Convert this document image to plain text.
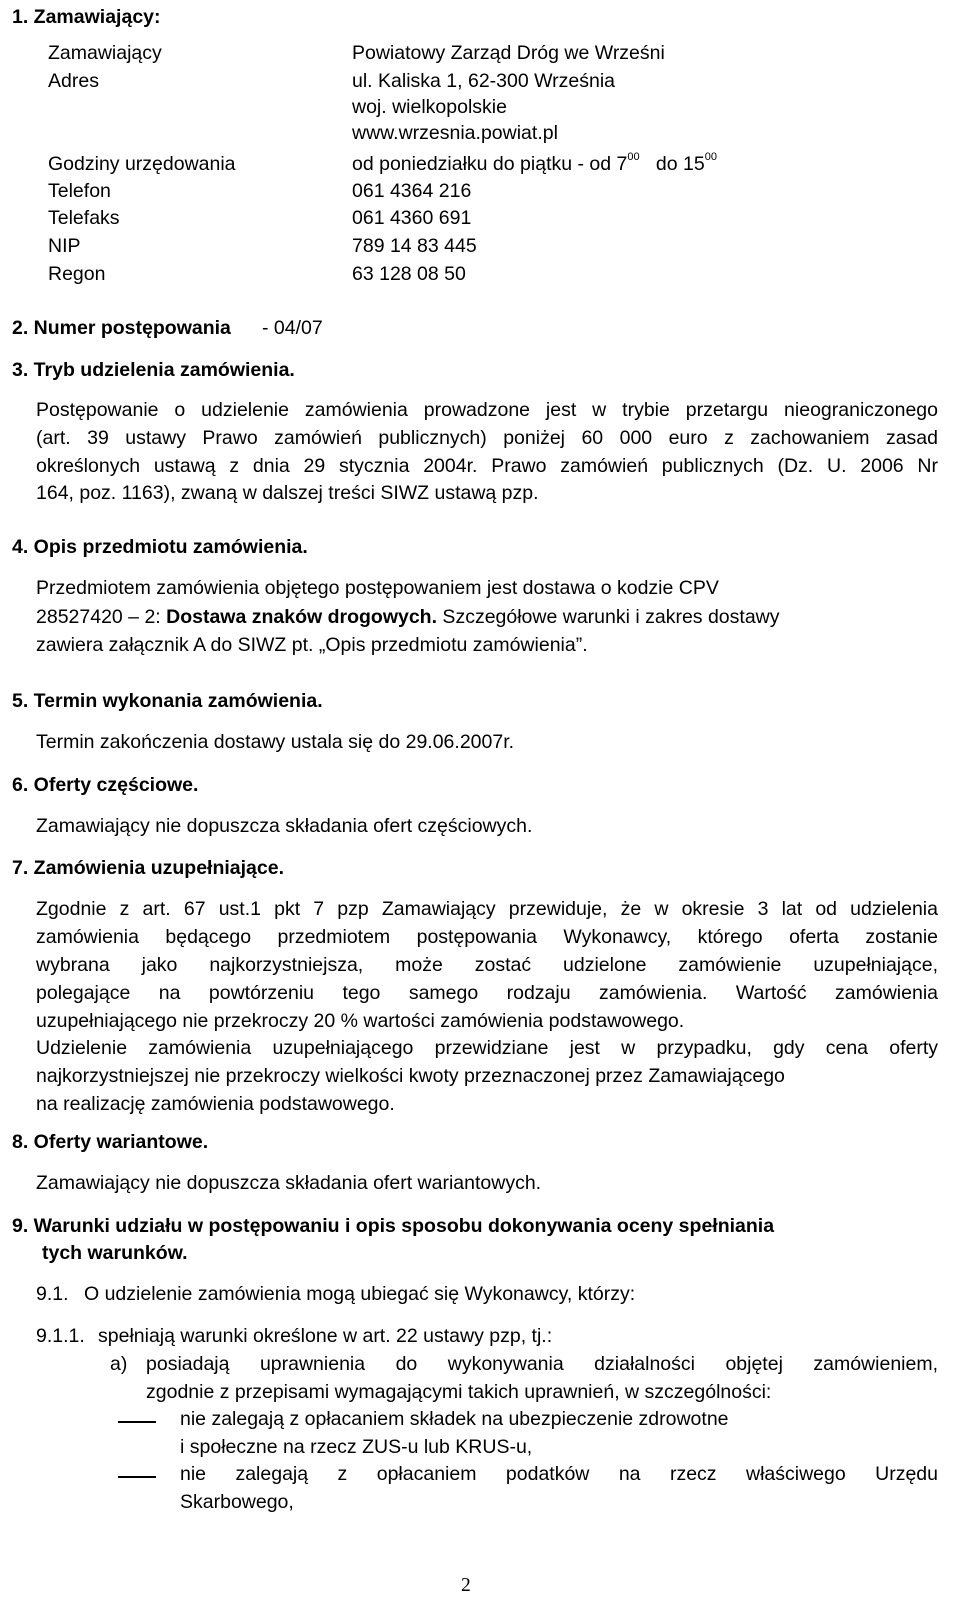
1. Zamawiający:
Zamawiający	Powiatowy Zarząd Dróg we Wrześni
Adres	ul. Kaliska 1, 62-300 Września
woj. wielkopolskie
www.wrzesnia.powiat.pl
Godziny urzędowania	od poniedziałku do piątku - od $7^{00}$ do $15^{00}$
Telefon	061 4364 216
Telefaks	061 4360 691
NIP	789 14 83 445
Regon	63 128 08 50
2. Numer postępowania - 04/07
3. Tryb udzielenia zamówienia.
Postępowanie o udzielenie zamówienia prowadzone jest w trybie przetargu nieograniczonego
(art. 39 ustawy Prawo zamówień publicznych) poniżej 60 000 euro z zachowaniem zasad
określonych ustawą z dnia 29 stycznia 2004r. Prawo zamówień publicznych (Dz. U. 2006 Nr
164, poz. 1163), zwaną w dalszej treści SIWZ ustawą pzp.
4. Opis przedmiotu zamówienia.
Przedmiotem zamówienia objętego postępowaniem jest dostawa o kodzie CPV
28527420 – 2: Dostawa znaków drogowych. Szczegółowe warunki i zakres dostawy
zawiera załącznik A do SIWZ pt. „Opis przedmiotu zamówienia”.
5. Termin wykonania zamówienia.
Termin zakończenia dostawy ustala się do 29.06.2007r.
6. Oferty częściowe.
Zamawiający nie dopuszcza składania ofert częściowych.
7. Zamówienia uzupełniające.
Zgodnie z art. 67 ust.1 pkt 7 pzp Zamawiający przewiduje, że w okresie 3 lat od udzielenia
zamówienia będącego przedmiotem postępowania Wykonawcy, którego oferta zostanie
wybrana jako najkorzystniejsza, może zostać udzielone zamówienie uzupełniające,
polegające na powtórzeniu tego samego rodzaju zamówienia. Wartość zamówienia
uzupełniającego nie przekroczy 20 % wartości zamówienia podstawowego.
Udzielenie zamówienia uzupełniającego przewidziane jest w przypadku, gdy cena oferty
najkorzystniejszej nie przekroczy wielkości kwoty przeznaczonej przez Zamawiającego
na realizację zamówienia podstawowego.
8. Oferty wariantowe.
Zamawiający nie dopuszcza składania ofert wariantowych.
9. Warunki udziału w postępowaniu i opis sposobu dokonywania oceny spełniania
tych warunków.
9.1. O udzielenie zamówienia mogą ubiegać się Wykonawcy, którzy:
9.1.1. spełniają warunki określone w art. 22 ustawy pzp, tj.:
a) posiadają uprawnienia do wykonywania działalności objętej zamówieniem,
zgodnie z przepisami wymagającymi takich uprawnień, w szczególności:
nie zalegają z opłacaniem składek na ubezpieczenie zdrowotne
i społeczne na rzecz ZUS-u lub KRUS-u,
nie zalegają z opłacaniem podatków na rzecz właściwego Urzędu
Skarbowego,
2
